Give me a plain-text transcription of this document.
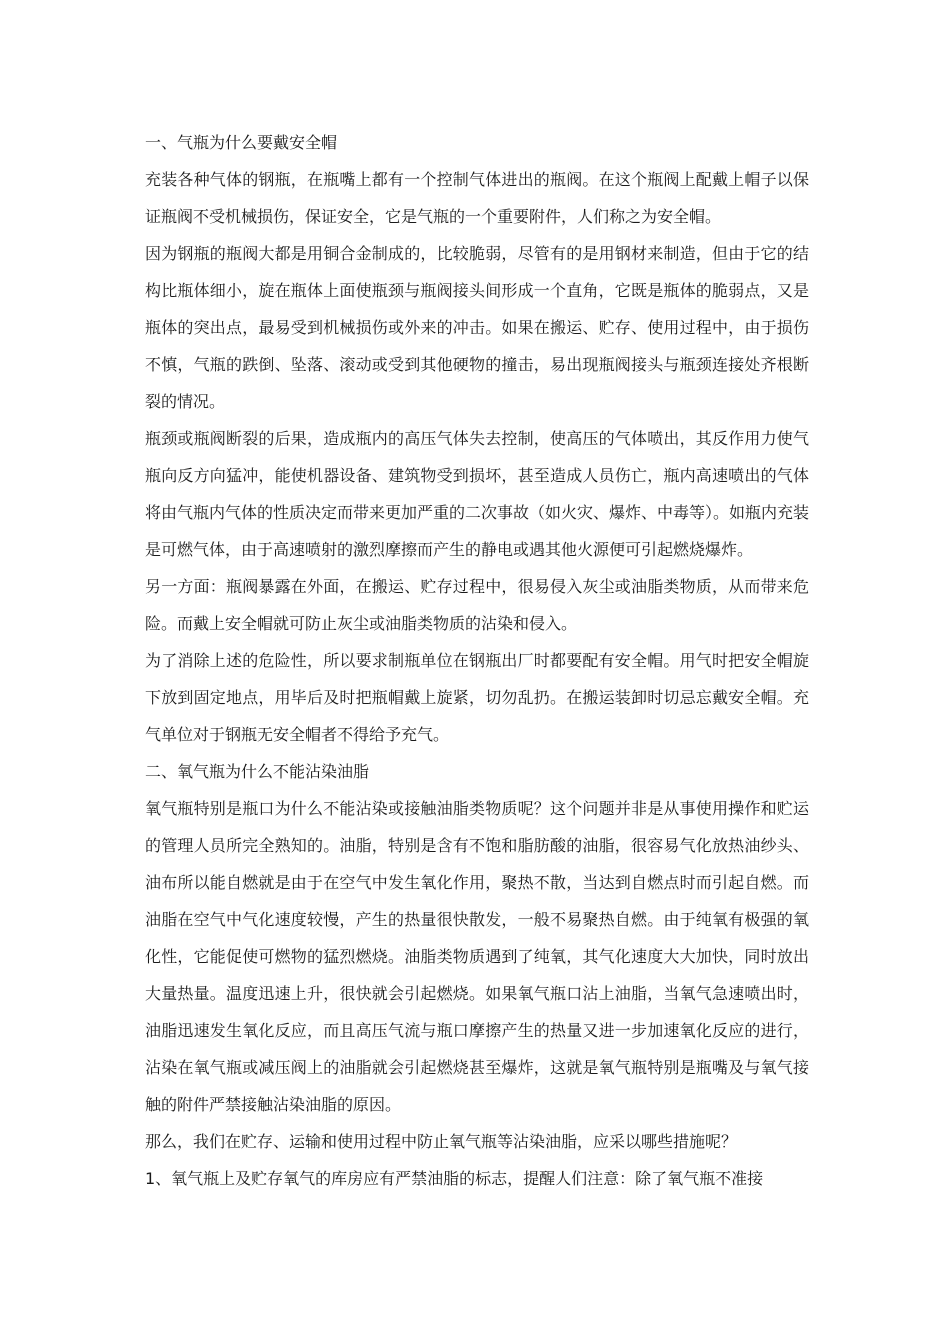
一、气瓶为什么要戴安全帽

充装各种气体的钢瓶，在瓶嘴上都有一个控制气体进出的瓶阀。在这个瓶阀上配戴上帽子以保证瓶阀不受机械损伤，保证安全，它是气瓶的一个重要附件，人们称之为安全帽。

因为钢瓶的瓶阀大都是用铜合金制成的，比较脆弱，尽管有的是用钢材来制造，但由于它的结构比瓶体细小，旋在瓶体上面使瓶颈与瓶阀接头间形成一个直角，它既是瓶体的脆弱点，又是瓶体的突出点，最易受到机械损伤或外来的冲击。如果在搬运、贮存、使用过程中，由于损伤不慎，气瓶的跌倒、坠落、滚动或受到其他硬物的撞击，易出现瓶阀接头与瓶颈连接处齐根断裂的情况。

瓶颈或瓶阀断裂的后果，造成瓶内的高压气体失去控制，使高压的气体喷出，其反作用力使气瓶向反方向猛冲，能使机器设备、建筑物受到损坏，甚至造成人员伤亡，瓶内高速喷出的气体将由气瓶内气体的性质决定而带来更加严重的二次事故（如火灾、爆炸、中毒等）。如瓶内充装是可燃气体，由于高速喷射的激烈摩擦而产生的静电或遇其他火源便可引起燃烧爆炸。

另一方面：瓶阀暴露在外面，在搬运、贮存过程中，很易侵入灰尘或油脂类物质，从而带来危险。而戴上安全帽就可防止灰尘或油脂类物质的沾染和侵入。

为了消除上述的危险性，所以要求制瓶单位在钢瓶出厂时都要配有安全帽。用气时把安全帽旋下放到固定地点，用毕后及时把瓶帽戴上旋紧，切勿乱扔。在搬运装卸时切忌忘戴安全帽。充气单位对于钢瓶无安全帽者不得给予充气。

二、氧气瓶为什么不能沾染油脂

氧气瓶特别是瓶口为什么不能沾染或接触油脂类物质呢？这个问题并非是从事使用操作和贮运的管理人员所完全熟知的。油脂，特别是含有不饱和脂肪酸的油脂，很容易气化放热油纱头、油布所以能自燃就是由于在空气中发生氧化作用，聚热不散，当达到自燃点时而引起自燃。而油脂在空气中气化速度较慢，产生的热量很快散发，一般不易聚热自燃。由于纯氧有极强的氧化性，它能促使可燃物的猛烈燃烧。油脂类物质遇到了纯氧，其气化速度大大加快，同时放出大量热量。温度迅速上升，很快就会引起燃烧。如果氧气瓶口沾上油脂，当氧气急速喷出时，油脂迅速发生氧化反应，而且高压气流与瓶口摩擦产生的热量又进一步加速氧化反应的进行，沾染在氧气瓶或减压阀上的油脂就会引起燃烧甚至爆炸，这就是氧气瓶特别是瓶嘴及与氧气接触的附件严禁接触沾染油脂的原因。

那么，我们在贮存、运输和使用过程中防止氧气瓶等沾染油脂，应采以哪些措施呢？

1、氧气瓶上及贮存氧气的库房应有严禁油脂的标志，提醒人们注意：除了氧气瓶不准接
